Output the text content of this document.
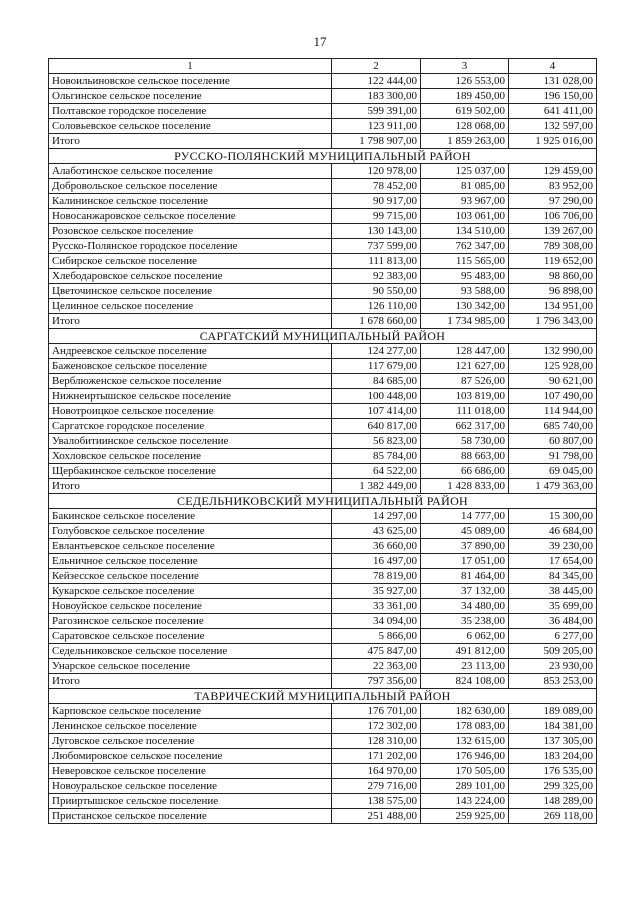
17
1	2	3	4
Новоильиновское сельское поселение	122 444,00	126 553,00	131 028,00
Ольгинское сельское поселение	183 300,00	189 450,00	196 150,00
Полтавское городское поселение	599 391,00	619 502,00	641 411,00
Соловьевское сельское поселение	123 911,00	128 068,00	132 597,00
Итого	1 798 907,00	1 859 263,00	1 925 016,00
РУССКО-ПОЛЯНСКИЙ МУНИЦИПАЛЬНЫЙ РАЙОН			
Алаботинское сельское поселение	120 978,00	125 037,00	129 459,00
Добровольское сельское поселение	78 452,00	81 085,00	83 952,00
Калининское сельское поселение	90 917,00	93 967,00	97 290,00
Новосанжаровское сельское поселение	99 715,00	103 061,00	106 706,00
Розовское сельское поселение	130 143,00	134 510,00	139 267,00
Русско-Полянское городское поселение	737 599,00	762 347,00	789 308,00
Сибирское сельское поселение	111 813,00	115 565,00	119 652,00
Хлебодаровское сельское поселение	92 383,00	95 483,00	98 860,00
Цветочинское сельское поселение	90 550,00	93 588,00	96 898,00
Целинное сельское поселение	126 110,00	130 342,00	134 951,00
Итого	1 678 660,00	1 734 985,00	1 796 343,00
САРГАТСКИЙ МУНИЦИПАЛЬНЫЙ РАЙОН			
Андреевское сельское поселение	124 277,00	128 447,00	132 990,00
Баженовское сельское поселение	117 679,00	121 627,00	125 928,00
Верблюженское сельское поселение	84 685,00	87 526,00	90 621,00
Нижнеиртышское сельское поселение	100 448,00	103 819,00	107 490,00
Новотроицкое сельское поселение	107 414,00	111 018,00	114 944,00
Саргатское городское поселение	640 817,00	662 317,00	685 740,00
Увалобитиинское сельское поселение	56 823,00	58 730,00	60 807,00
Хохловское сельское поселение	85 784,00	88 663,00	91 798,00
Щербакинское сельское поселение	64 522,00	66 686,00	69 045,00
Итого	1 382 449,00	1 428 833,00	1 479 363,00
СЕДЕЛЬНИКОВСКИЙ МУНИЦИПАЛЬНЫЙ РАЙОН			
Бакинское сельское поселение	14 297,00	14 777,00	15 300,00
Голубовское сельское поселение	43 625,00	45 089,00	46 684,00
Евлантьевское сельское поселение	36 660,00	37 890,00	39 230,00
Ельничное сельское поселение	16 497,00	17 051,00	17 654,00
Кейзесское сельское поселение	78 819,00	81 464,00	84 345,00
Кукарское сельское поселение	35 927,00	37 132,00	38 445,00
Новоуйское сельское поселение	33 361,00	34 480,00	35 699,00
Рагозинское сельское поселение	34 094,00	35 238,00	36 484,00
Саратовское сельское поселение	5 866,00	6 062,00	6 277,00
Седельниковское сельское поселение	475 847,00	491 812,00	509 205,00
Унарское сельское поселение	22 363,00	23 113,00	23 930,00
Итого	797 356,00	824 108,00	853 253,00
ТАВРИЧЕСКИЙ МУНИЦИПАЛЬНЫЙ РАЙОН			
Карповское сельское поселение	176 701,00	182 630,00	189 089,00
Ленинское сельское поселение	172 302,00	178 083,00	184 381,00
Луговское сельское поселение	128 310,00	132 615,00	137 305,00
Любомировское сельское поселение	171 202,00	176 946,00	183 204,00
Неверовское сельское поселение	164 970,00	170 505,00	176 535,00
Новоуральское сельское поселение	279 716,00	289 101,00	299 325,00
Прииртышское сельское поселение	138 575,00	143 224,00	148 289,00
Пристанское сельское поселение	251 488,00	259 925,00	269 118,00
